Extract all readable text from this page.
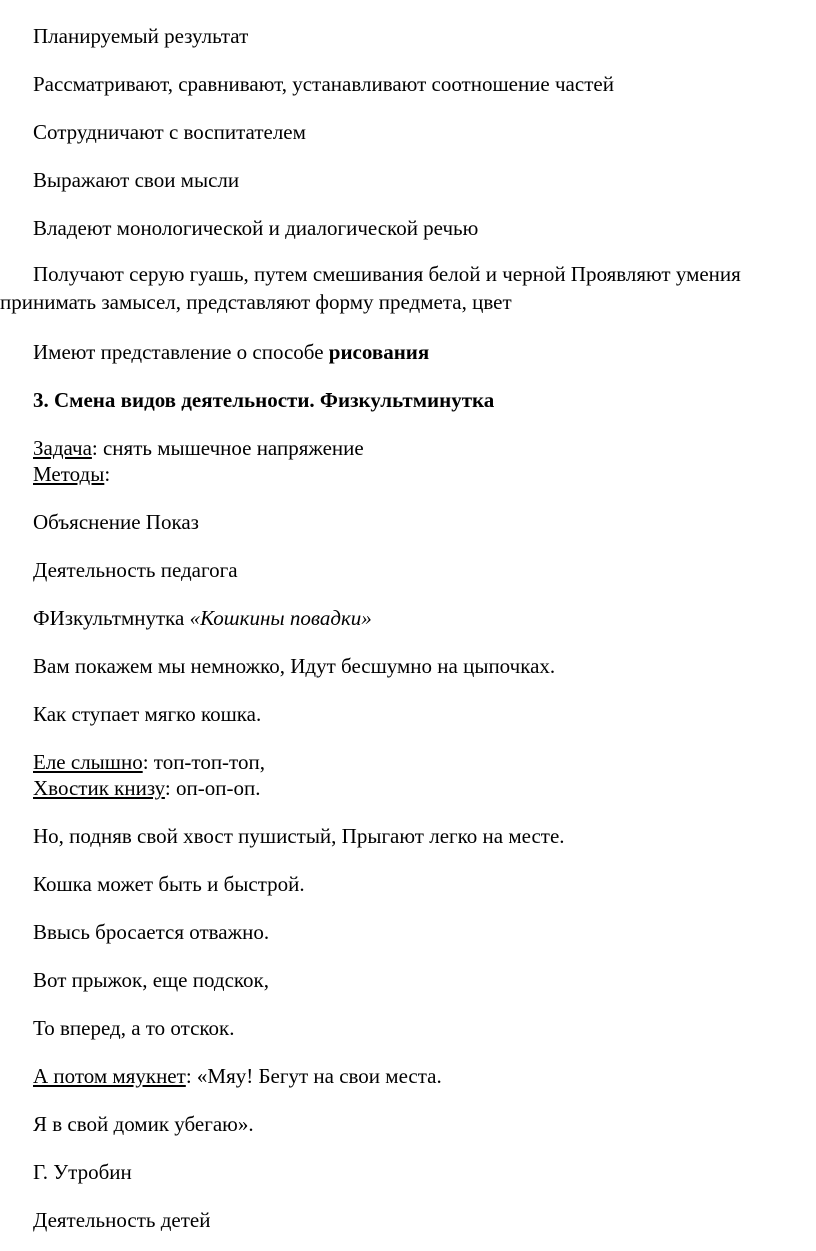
Планируемый результат
Рассматривают, сравнивают, устанавливают соотношение частей
Сотрудничают с воспитателем
Выражают свои мысли
Владеют монологической и диалогической речью
Получают серую гуашь, путем смешивания белой и черной Проявляют умения принимать замысел, представляют форму предмета, цвет
Имеют представление о способе рисования
3. Смена видов деятельности. Физкультминутка
Задача: снять мышечное напряжение
Методы:
Объяснение Показ
Деятельность педагога
ФИзкультмнутка «Кошкины повадки»
Вам покажем мы немножко, Идут бесшумно на цыпочках.
Как ступает мягко кошка.
Еле слышно: топ-топ-топ,
Хвостик книзу: оп-оп-оп.
Но, подняв свой хвост пушистый, Прыгают легко на месте.
Кошка может быть и быстрой.
Ввысь бросается отважно.
Вот прыжок, еще подскок,
То вперед, а то отскок.
А потом мяукнет: «Мяу! Бегут на свои места.
Я в свой домик убегаю».
Г. Утробин
Деятельность детей
